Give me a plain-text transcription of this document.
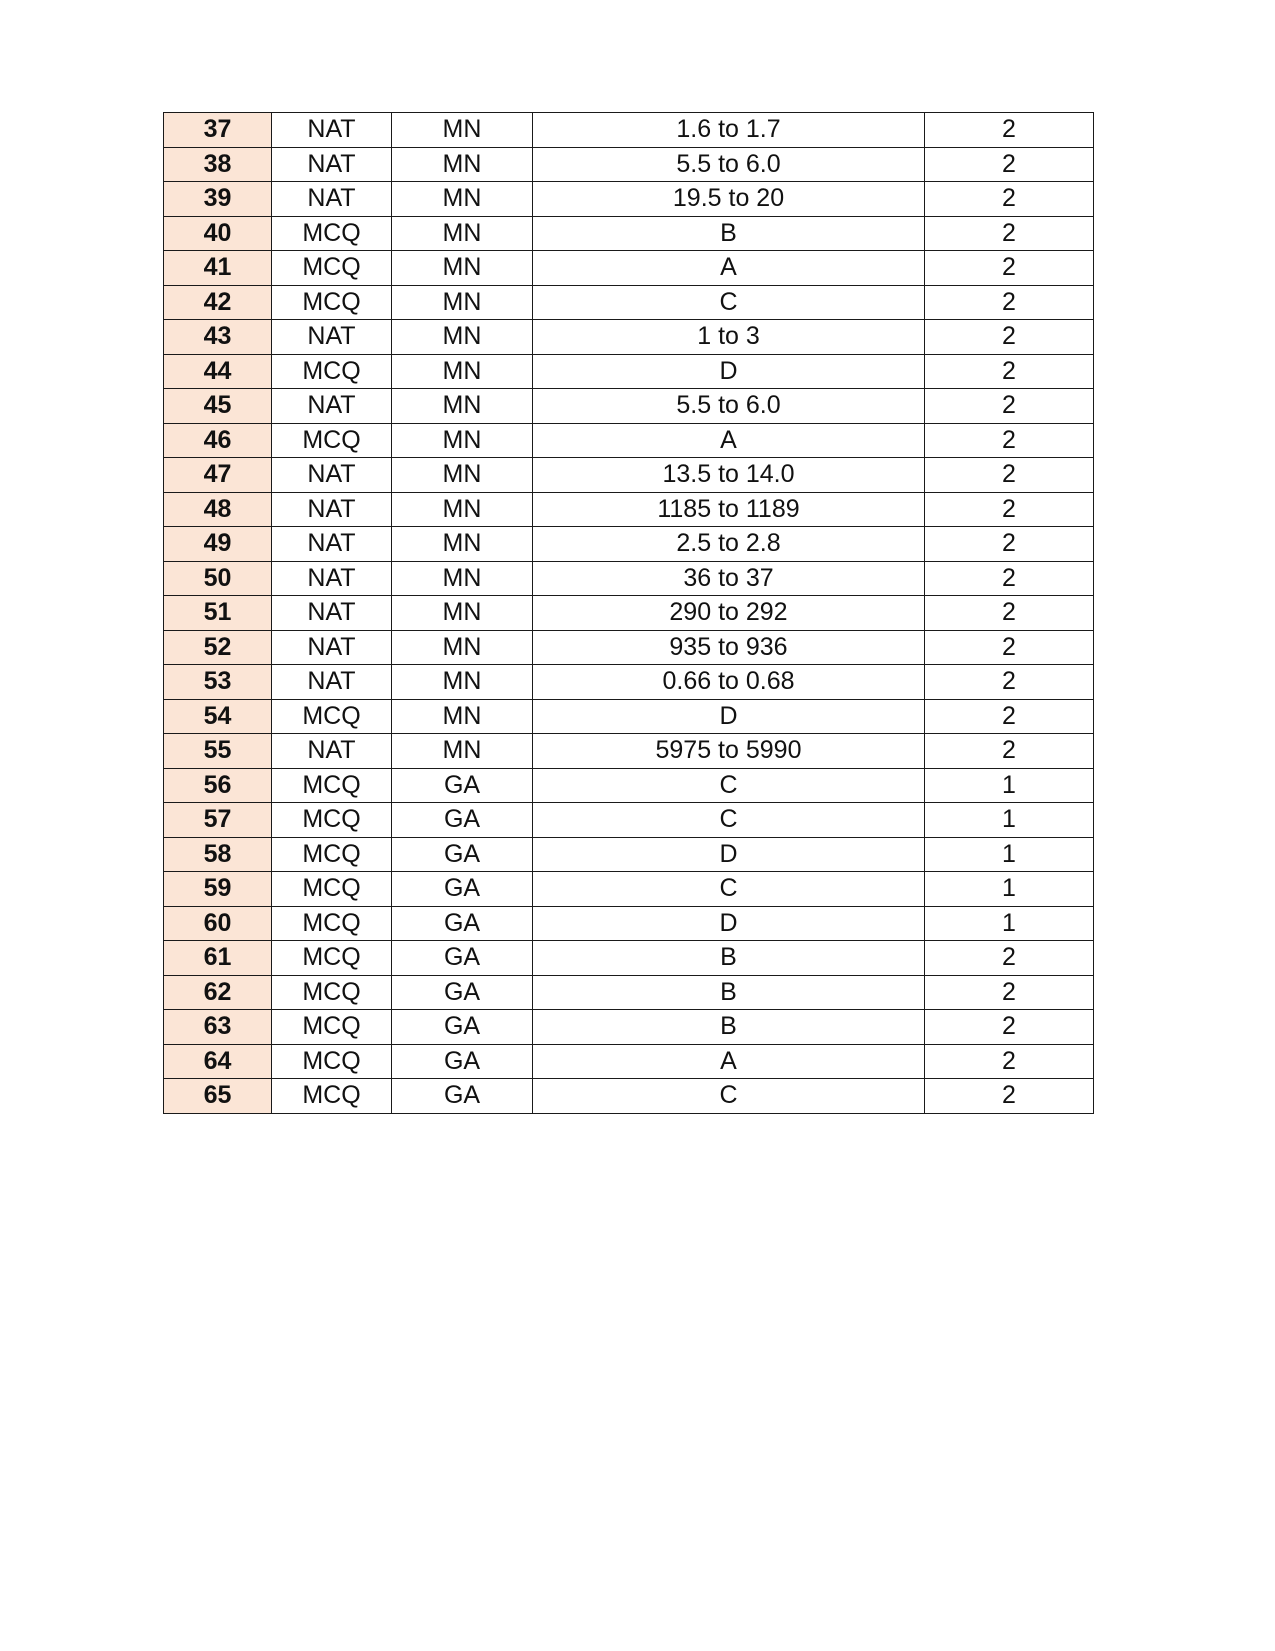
37	NAT	MN	1.6 to 1.7	2
38	NAT	MN	5.5 to 6.0	2
39	NAT	MN	19.5 to 20	2
40	MCQ	MN	B	2
41	MCQ	MN	A	2
42	MCQ	MN	C	2
43	NAT	MN	1 to 3	2
44	MCQ	MN	D	2
45	NAT	MN	5.5 to 6.0	2
46	MCQ	MN	A	2
47	NAT	MN	13.5 to 14.0	2
48	NAT	MN	1185 to 1189	2
49	NAT	MN	2.5 to 2.8	2
50	NAT	MN	36 to 37	2
51	NAT	MN	290 to 292	2
52	NAT	MN	935 to 936	2
53	NAT	MN	0.66 to 0.68	2
54	MCQ	MN	D	2
55	NAT	MN	5975 to 5990	2
56	MCQ	GA	C	1
57	MCQ	GA	C	1
58	MCQ	GA	D	1
59	MCQ	GA	C	1
60	MCQ	GA	D	1
61	MCQ	GA	B	2
62	MCQ	GA	B	2
63	MCQ	GA	B	2
64	MCQ	GA	A	2
65	MCQ	GA	C	2
